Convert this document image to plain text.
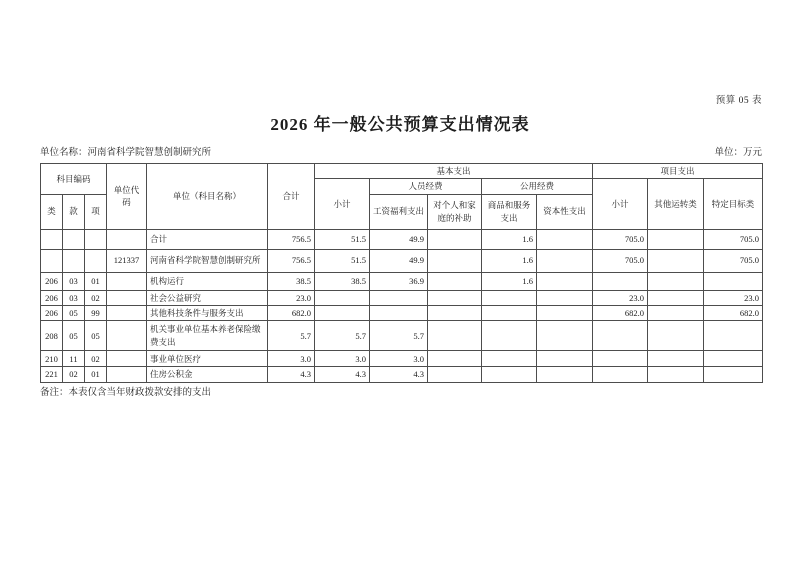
预算 05 表
2026 年一般公共预算支出情况表
单位名称：河南省科学院智慧创制研究所	单位：万元
科目编码			单位代码	单位（科目名称）	合计	基本支出					项目支出		
						小计	人员经费		公用经费		小计	其他运转类	特定目标类
类	款	项					工资福利支出	对个人和家庭的补助	商品和服务支出	资本性支出			
				合计	756.5	51.5	49.9		1.6		705.0		705.0
			121337	河南省科学院智慧创制研究所	756.5	51.5	49.9		1.6		705.0		705.0
206	03	01		机构运行	38.5	38.5	36.9		1.6				
206	03	02		社会公益研究	23.0						23.0		23.0
206	05	99		其他科技条件与服务支出	682.0						682.0		682.0
208	05	05		机关事业单位基本养老保险缴费支出	5.7	5.7	5.7						
210	11	02		事业单位医疗	3.0	3.0	3.0						
221	02	01		住房公积金	4.3	4.3	4.3						
备注：本表仅含当年财政拨款安排的支出
